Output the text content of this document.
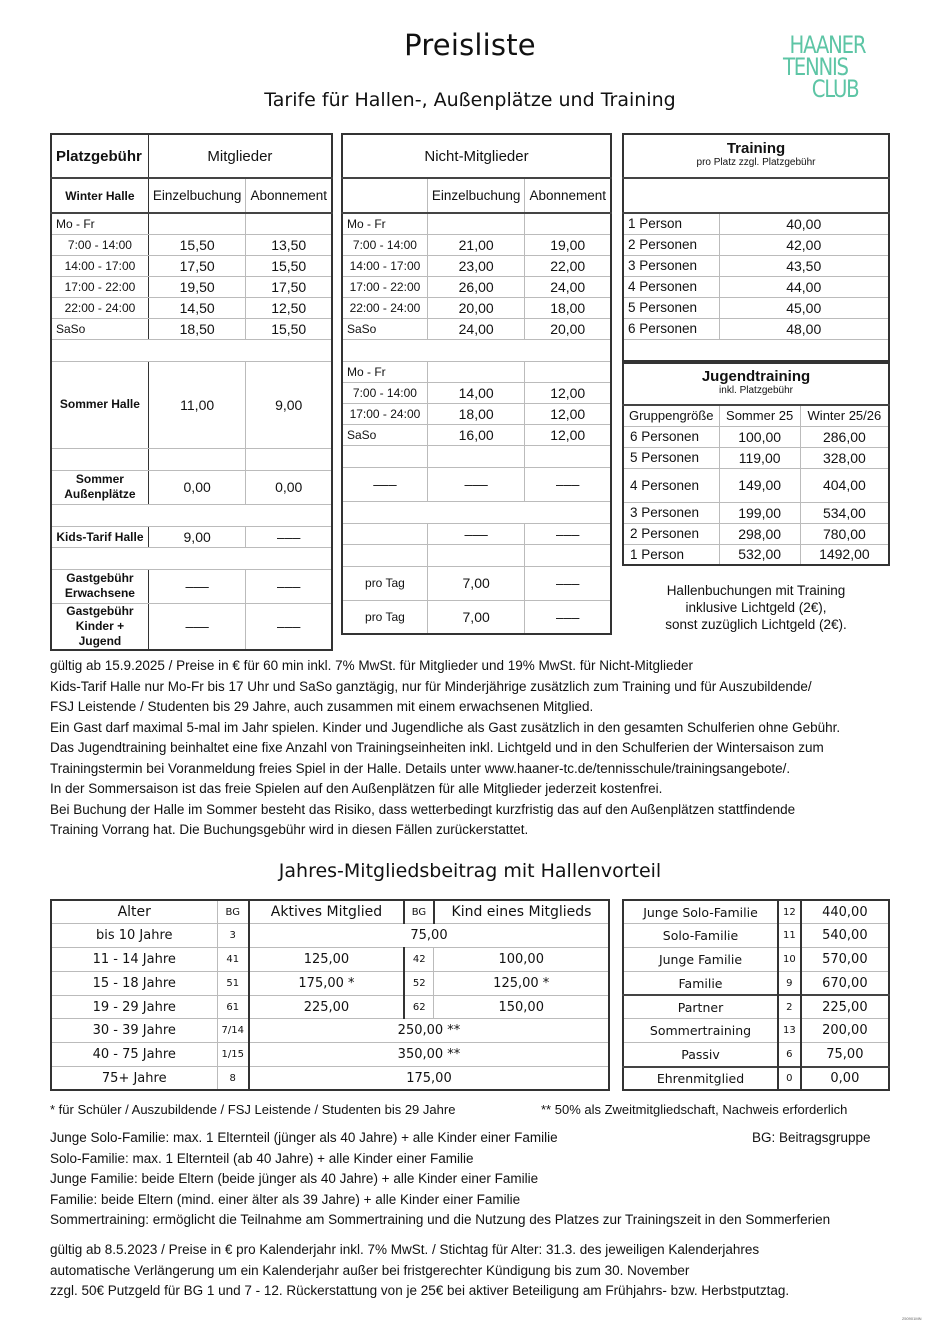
Preisliste
Tarife für Hallen-, Außenplätze und Training
HAANER
TENNIS
CLUB
Platzgebühr	Mitglieder	
Winter Halle	Einzelbuchung	Abonnement
Mo - Fr		
7:00 - 14:00	15,50	13,50
14:00 - 17:00	17,50	15,50
17:00 - 22:00	19,50	17,50
22:00 - 24:00	14,50	12,50
SaSo	18,50	15,50

Sommer Halle	11,00	9,00

Sommer Außenplätze	0,00	0,00

Kids-Tarif Halle	9,00	–––

Gastgebühr Erwachsene	–––	–––
Gastgebühr Kinder + Jugend	–––	–––
Nicht-Mitglieder		
	Einzelbuchung	Abonnement
Mo - Fr		
7:00 - 14:00	21,00	19,00
14:00 - 17:00	23,00	22,00
17:00 - 22:00	26,00	24,00
22:00 - 24:00	20,00	18,00
SaSo	24,00	20,00

Mo - Fr		
7:00 - 14:00	14,00	12,00
17:00 - 24:00	18,00	12,00
SaSo	16,00	12,00

–––	–––	–––

	–––	–––

pro Tag	7,00	–––
pro Tag	7,00	–––
Training
pro Platz zzgl. Platzgebühr	

1 Person	40,00
2 Personen	42,00
3 Personen	43,50
4 Personen	44,00
5 Personen	45,00
6 Personen	48,00

Jugendtraining
inkl. Platzgebühr		

Gruppengröße	Sommer 25	Winter 25/26
6 Personen	100,00	286,00
5 Personen	119,00	328,00
4 Personen	149,00	404,00
3 Personen	199,00	534,00
2 Personen	298,00	780,00
1 Person	532,00	1492,00
Hallenbuchungen mit Training
inklusive Lichtgeld (2€),
sonst zuzüglich Lichtgeld (2€).
gültig ab 15.9.2025 / Preise in € für 60 min inkl. 7% MwSt. für Mitglieder und 19% MwSt. für Nicht-Mitglieder
Kids-Tarif Halle nur Mo-Fr bis 17 Uhr und SaSo ganztägig, nur für Minderjährige zusätzlich zum Training und für Auszubildende/
FSJ Leistende / Studenten bis 29 Jahre, auch zusammen mit einem erwachsenen Mitglied.
Ein Gast darf maximal 5-mal im Jahr spielen. Kinder und Jugendliche als Gast zusätzlich in den gesamten Schulferien ohne Gebühr.
Das Jugendtraining beinhaltet eine fixe Anzahl von Trainingseinheiten inkl. Lichtgeld und in den Schulferien der Wintersaison zum
Trainingstermin bei Voranmeldung freies Spiel in der Halle. Details unter www.haaner-tc.de/tennisschule/trainingsangebote/.
In der Sommersaison ist das freie Spielen auf den Außenplätzen für alle Mitglieder jederzeit kostenfrei.
Bei Buchung der Halle im Sommer besteht das Risiko, dass wetterbedingt kurzfristig das auf den Außenplätzen stattfindende
Training Vorrang hat. Die Buchungsgebühr wird in diesen Fällen zurückerstattet.
Jahres-Mitgliedsbeitrag mit Hallenvorteil
Alter	BG	Aktives Mitglied	BG	Kind eines Mitglieds
bis 10 Jahre	3	75,00		
11 - 14 Jahre	41	125,00	42	100,00
15 - 18 Jahre	51	175,00 *	52	125,00 *
19 - 29 Jahre	61	225,00	62	150,00
30 - 39 Jahre	7/14	250,00 **		
40 - 75 Jahre	1/15	350,00 **		
75+ Jahre	8	175,00		
Junge Solo-Familie	12	440,00
Solo-Familie	11	540,00
Junge Familie	10	570,00
Familie	9	670,00
Partner	2	225,00
Sommertraining	13	200,00
Passiv	6	75,00
Ehrenmitglied	0	0,00
* für Schüler / Auszubildende / FSJ Leistende / Studenten bis 29 Jahre	** 50% als Zweitmitgliedschaft, Nachweis erforderlich
Junge Solo-Familie: max. 1 Elternteil (jünger als 40 Jahre) + alle Kinder einer Familie
Solo-Familie: max. 1 Elternteil (ab 40 Jahre) + alle Kinder einer Familie
Junge Familie: beide Eltern (beide jünger als 40 Jahre) + alle Kinder einer Familie
Familie: beide Eltern (mind. einer älter als 39 Jahre) + alle Kinder einer Familie
Sommertraining: ermöglicht die Teilnahme am Sommertraining und die Nutzung des Platzes zur Trainingszeit in den Sommerferien
BG: Beitragsgruppe
gültig ab 8.5.2023 / Preise in € pro Kalenderjahr inkl. 7% MwSt. / Stichtag für Alter: 31.3. des jeweiligen Kalenderjahres
automatische Verlängerung um ein Kalenderjahr außer bei fristgerechter Kündigung bis zum 30. November
zzgl. 50€ Putzgeld für BG 1 und 7 - 12. Rückerstattung von je 25€ bei aktiver Beteiligung am Frühjahrs- bzw. Herbstputztag.
250901MN
